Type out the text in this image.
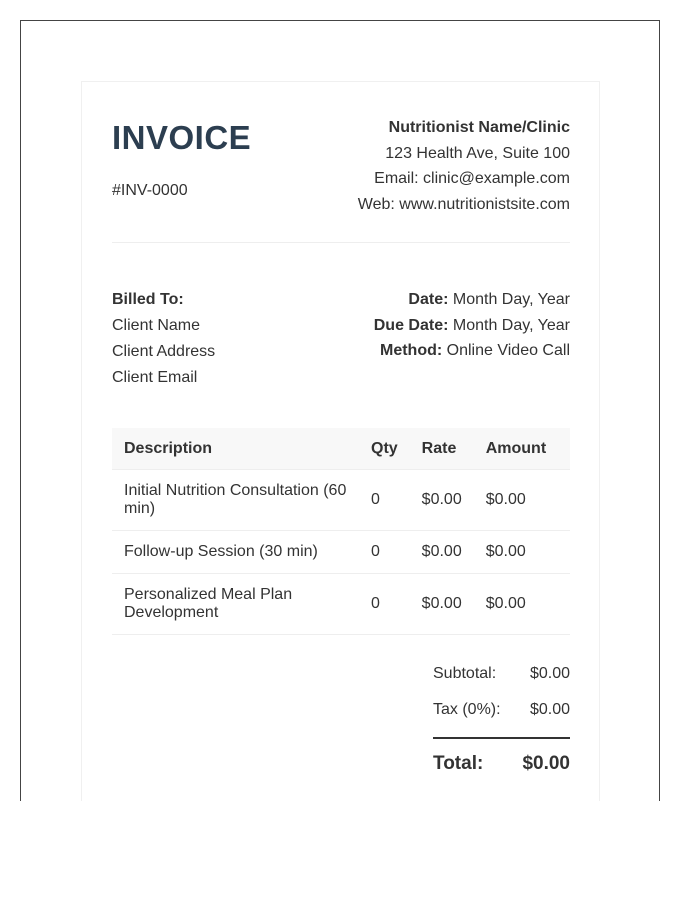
INVOICE
#INV-0000
Nutritionist Name/Clinic
123 Health Ave, Suite 100
Email: clinic@example.com
Web: www.nutritionistsite.com
Billed To:
Client Name
Client Address
Client Email
Date: Month Day, Year
Due Date: Month Day, Year
Method: Online Video Call
Description	Qty	Rate	Amount
Initial Nutrition Consultation (60 min)	0	$0.00	$0.00
Follow-up Session (30 min)	0	$0.00	$0.00
Personalized Meal Plan Development	0	$0.00	$0.00
Subtotal: $0.00
Tax (0%): $0.00
Total: $0.00
